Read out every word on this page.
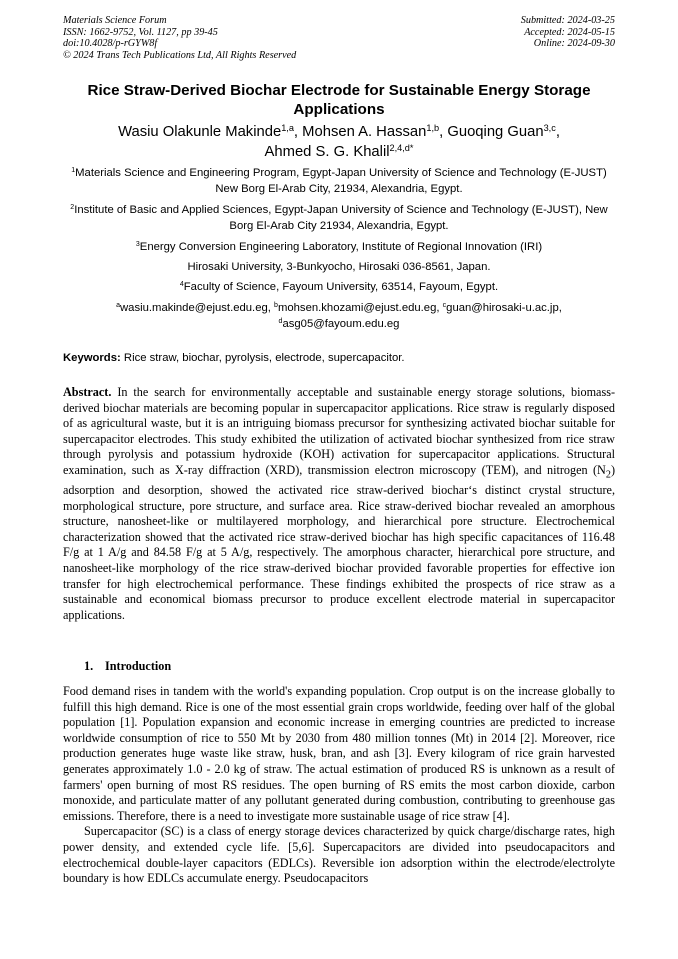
Materials Science Forum
ISSN: 1662-9752, Vol. 1127, pp 39-45
doi:10.4028/p-rGYW8f
© 2024 Trans Tech Publications Ltd, All Rights Reserved
Submitted: 2024-03-25
Accepted: 2024-05-15
Online: 2024-09-30
Rice Straw-Derived Biochar Electrode for Sustainable Energy Storage Applications
Wasiu Olakunle Makinde$^{1,a}$, Mohsen A. Hassan$^{1,b}$, Guoqing Guan$^{3,c}$,
Ahmed S. G. Khalil$^{2,4,d*}$
$^1$Materials Science and Engineering Program, Egypt-Japan University of Science and Technology (E-JUST) New Borg El-Arab City, 21934, Alexandria, Egypt.
$^2$Institute of Basic and Applied Sciences, Egypt-Japan University of Science and Technology (E-JUST), New Borg El-Arab City 21934, Alexandria, Egypt.
$^3$Energy Conversion Engineering Laboratory, Institute of Regional Innovation (IRI)
Hirosaki University, 3-Bunkyocho, Hirosaki 036-8561, Japan.
$^4$Faculty of Science, Fayoum University, 63514, Fayoum, Egypt.
$^a$wasiu.makinde@ejust.edu.eg, $^b$mohsen.khozami@ejust.edu.eg, $^c$guan@hirosaki-u.ac.jp,
$^d$asg05@fayoum.edu.eg
Keywords: Rice straw, biochar, pyrolysis, electrode, supercapacitor.

Abstract. In the search for environmentally acceptable and sustainable energy storage solutions, biomass-derived biochar materials are becoming popular in supercapacitor applications. Rice straw is regularly disposed of as agricultural waste, but it is an intriguing biomass precursor for synthesizing activated biochar suitable for supercapacitor electrodes. This study exhibited the utilization of activated biochar synthesized from rice straw through pyrolysis and potassium hydroxide (KOH) activation for supercapacitor applications. Structural examination, such as X-ray diffraction (XRD), transmission electron microscopy (TEM), and nitrogen $(N_2)$ adsorption and desorption, showed the activated rice straw-derived biochar‘s distinct crystal structure, morphological structure, pore structure, and surface area. Rice straw-derived biochar revealed an amorphous structure, nanosheet-like or multilayered morphology, and hierarchical pore structure. Electrochemical characterization showed that the activated rice straw-derived biochar has high specific capacitances of 116.48 F/g at 1 A/g and 84.58 F/g at 5 A/g, respectively. The amorphous character, hierarchical pore structure, and nanosheet-like morphology of the rice straw-derived biochar provided favorable properties for effective ion transfer for high electrochemical performance. These findings exhibited the prospects of rice straw as a sustainable and economical biomass precursor to produce excellent electrode material in supercapacitor applications.

1. Introduction

Food demand rises in tandem with the world's expanding population. Crop output is on the increase globally to fulfill this high demand. Rice is one of the most essential grain crops worldwide, feeding over half of the global population [1]. Population expansion and economic increase in emerging countries are predicted to increase worldwide consumption of rice to 550 Mt by 2030 from 480 million tonnes (Mt) in 2014 [2]. Moreover, rice production generates huge waste like straw, husk, bran, and ash [3]. Every kilogram of rice grain harvested generates approximately 1.0 - 2.0 kg of straw. The actual estimation of produced RS is unknown as a result of farmers' open burning of most RS residues. The open burning of RS emits the most carbon dioxide, carbon monoxide, and particulate matter of any pollutant generated during combustion, contributing to greenhouse gas emissions. Therefore, there is a need to investigate more sustainable usage of rice straw [4].

Supercapacitor (SC) is a class of energy storage devices characterized by quick charge/discharge rates, high power density, and extended cycle life. [5,6]. Supercapacitors are divided into pseudocapacitors and electrochemical double-layer capacitors (EDLCs). Reversible ion adsorption within the electrode/electrolyte boundary is how EDLCs accumulate energy. Pseudocapacitors
